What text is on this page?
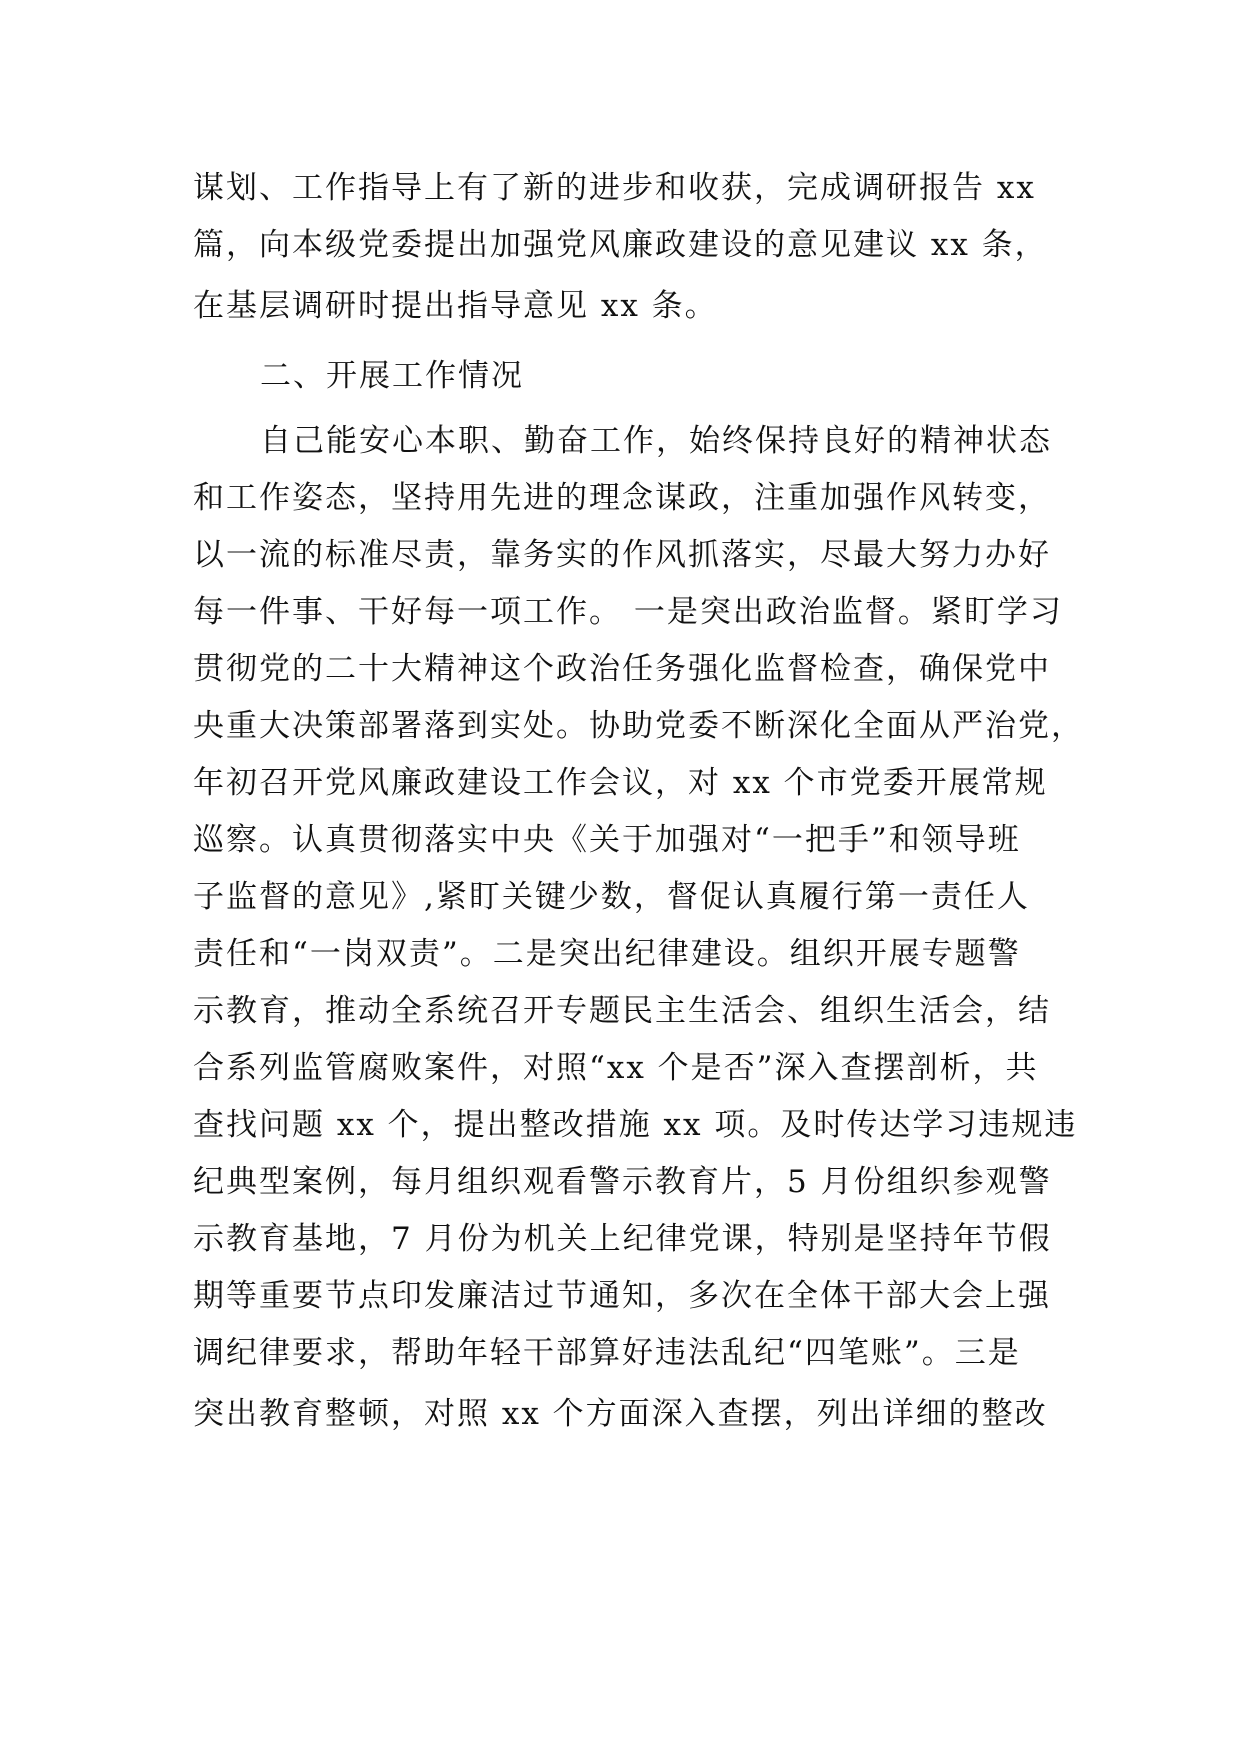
谋划、工作指导上有了新的进步和收获，完成调研报告 xx
篇，向本级党委提出加强党风廉政建设的意见建议 xx 条，
在基层调研时提出指导意见 xx 条。
二、开展工作情况
自己能安心本职、勤奋工作，始终保持良好的精神状态
和工作姿态，坚持用先进的理念谋政，注重加强作风转变，
以一流的标准尽责，靠务实的作风抓落实，尽最大努力办好
每一件事、干好每一项工作。 一是突出政治监督。紧盯学习
贯彻党的二十大精神这个政治任务强化监督检查，确保党中
央重大决策部署落到实处。协助党委不断深化全面从严治党，
年初召开党风廉政建设工作会议，对 xx 个市党委开展常规
巡察。认真贯彻落实中央《关于加强对“一把手”和领导班
子监督的意见》,紧盯关键少数，督促认真履行第一责任人
责任和“一岗双责”。二是突出纪律建设。组织开展专题警
示教育，推动全系统召开专题民主生活会、组织生活会，结
合系列监管腐败案件，对照“xx 个是否”深入查摆剖析，共
查找问题 xx 个，提出整改措施 xx 项。及时传达学习违规违
纪典型案例，每月组织观看警示教育片，5 月份组织参观警
示教育基地，7 月份为机关上纪律党课，特别是坚持年节假
期等重要节点印发廉洁过节通知，多次在全体干部大会上强
调纪律要求，帮助年轻干部算好违法乱纪“四笔账”。三是
突出教育整顿，对照 xx 个方面深入查摆，列出详细的整改
